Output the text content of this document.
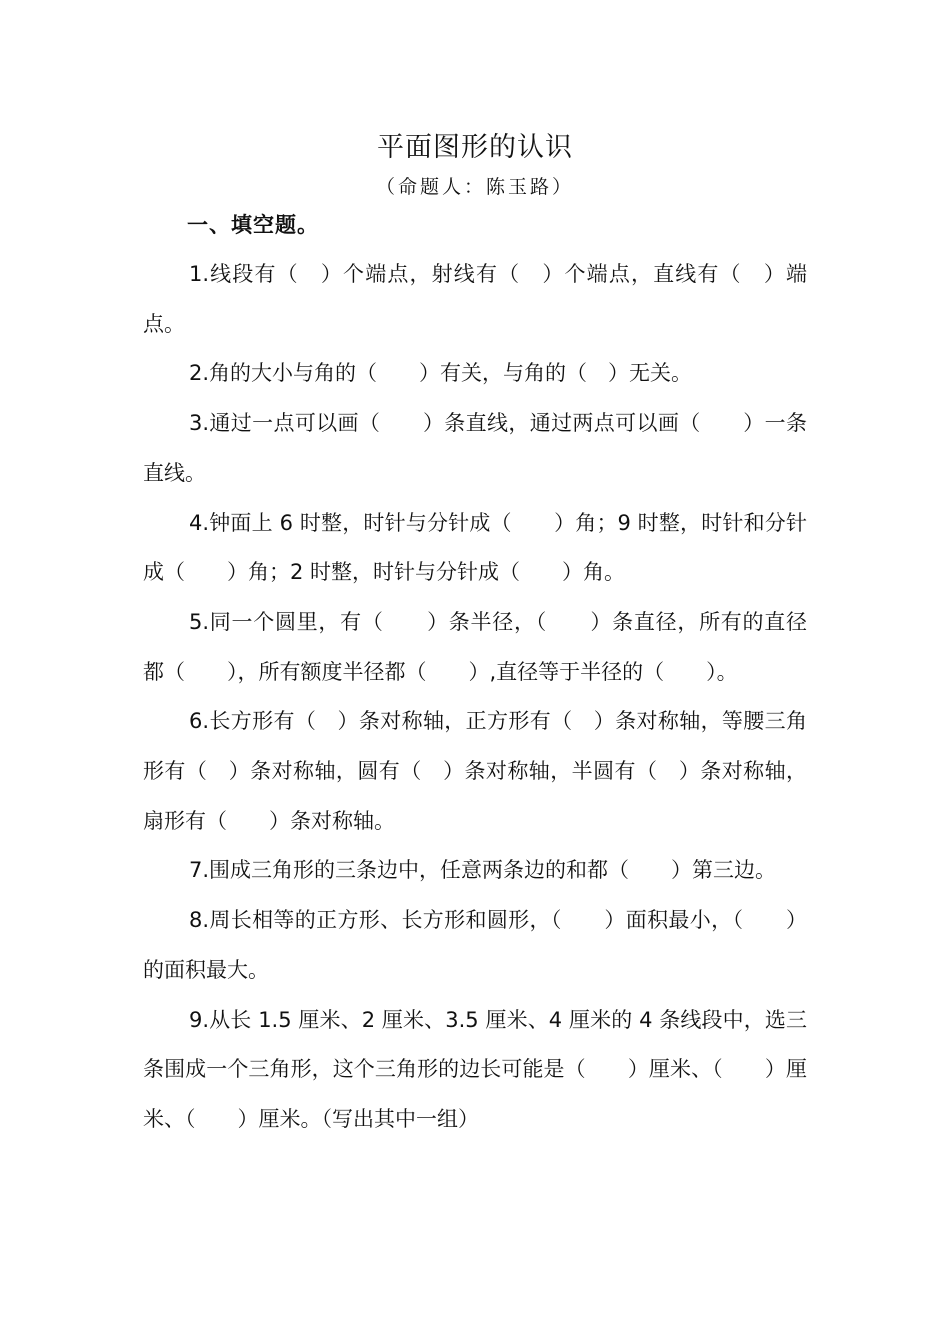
平面图形的认识
（命题人：陈玉路）
一、填空题。

1.线段有（　）个端点，射线有（　）个端点，直线有（　）端点。

2.角的大小与角的（　　）有关，与角的（　）无关。

3.通过一点可以画（　　）条直线，通过两点可以画（　　）一条直线。

4.钟面上 6 时整，时针与分针成（　　）角；9 时整，时针和分针成（　　）角；2 时整，时针与分针成（　　）角。

5.同一个圆里，有（　　）条半径，（　　）条直径，所有的直径都（　　），所有额度半径都（　　）,直径等于半径的（　　）。

6.长方形有（　）条对称轴，正方形有（　）条对称轴，等腰三角形有（　）条对称轴，圆有（　）条对称轴，半圆有（　）条对称轴，扇形有（　　）条对称轴。

7.围成三角形的三条边中，任意两条边的和都（　　）第三边。

8.周长相等的正方形、长方形和圆形，（　　）面积最小，（　　）的面积最大。

9.从长 1.5 厘米、2 厘米、3.5 厘米、4 厘米的 4 条线段中，选三条围成一个三角形，这个三角形的边长可能是（　　）厘米、（　　）厘米、（　　）厘米。（写出其中一组）
